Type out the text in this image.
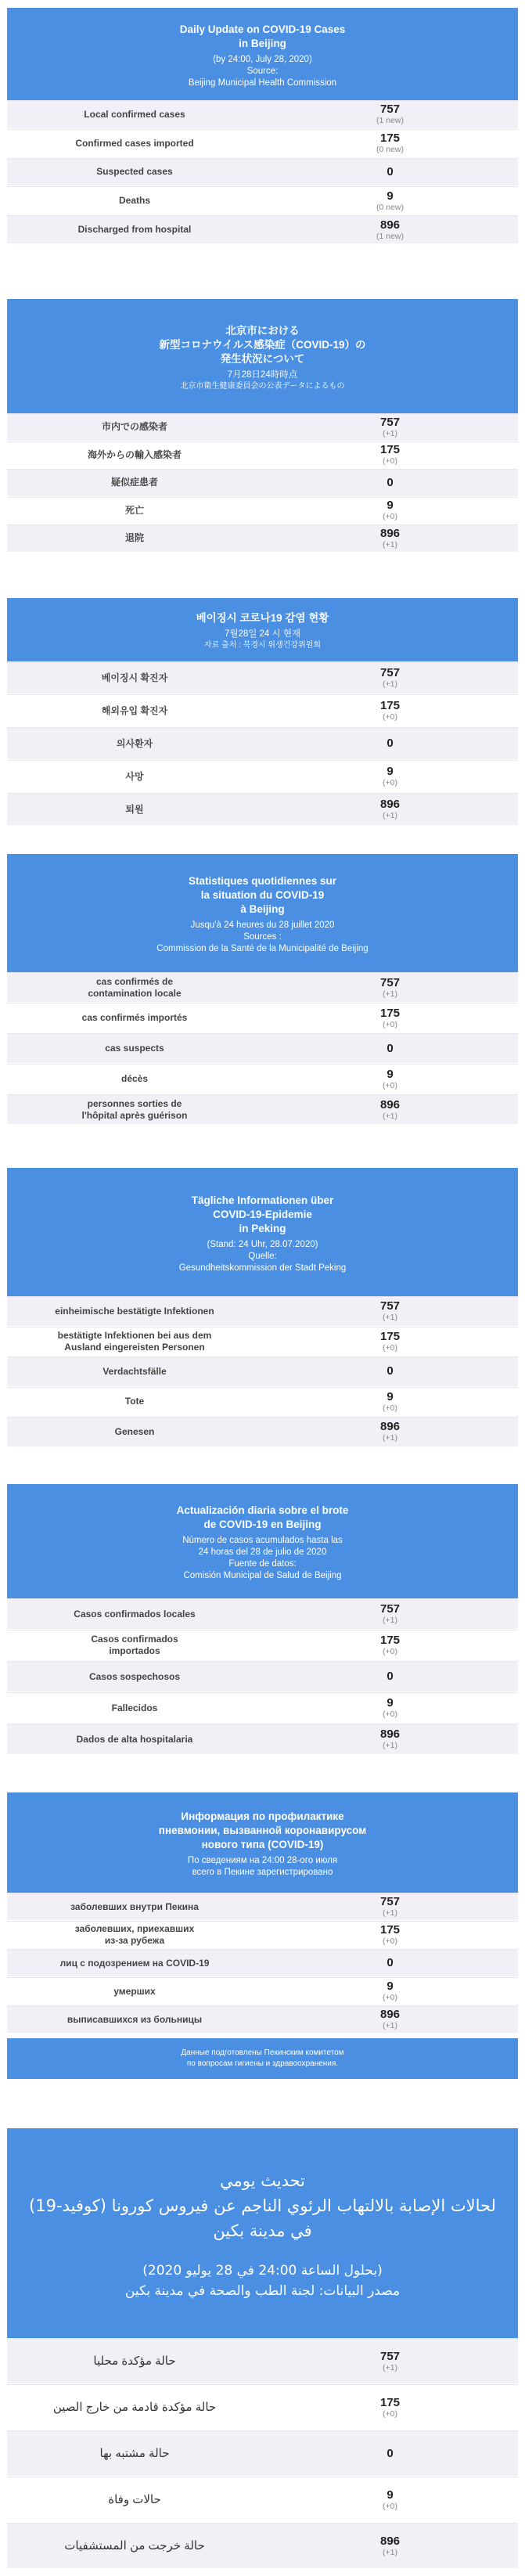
Daily Update on COVID-19 Cases
in Beijing
(by 24:00, July 28, 2020)
Source:
Beijing Municipal Health Commission
Local confirmed cases	757
(1 new)
Confirmed cases imported	175
(0 new)
Suspected cases	0
Deaths	9
(0 new)
Discharged from hospital	896
(1 new)
北京市における
新型コロナウイルス感染症（COVID-19）の
発生状況について
7月28日24時時点
北京市衛生健康委員会の公表データによるもの
市内での感染者	757
(+1)
海外からの輸入感染者	175
(+0)
疑似症患者	0
死亡	9
(+0)
退院	896
(+1)
베이징시 코로나19 감염 현황
7월28일 24 시 현재
자료 출처 : 북경시 위생건강위원회
베이징시 확진자	757
(+1)
해외유입 확진자	175
(+0)
의사환자	0
사망	9
(+0)
퇴원	896
(+1)
Statistiques quotidiennes sur
la situation du COVID-19
à Beijing
Jusqu'à 24 heures du 28 juillet 2020
Sources :
Commission de la Santé de la Municipalité de Beijing
cas confirmés de
contamination locale
757
(+1)
cas confirmés importés	175
(+0)
cas suspects	0
décès	9
(+0)
personnes sorties de
l'hôpital après guérison
896
(+1)
Tägliche Informationen über
COVID-19-Epidemie
in Peking
(Stand: 24 Uhr, 28.07.2020)
Quelle:
Gesundheitskommission der Stadt Peking
einheimische bestätigte Infektionen	757
(+1)
bestätigte Infektionen bei aus dem
Ausland eingereisten Personen
175
(+0)
Verdachtsfälle	0
Tote	9
(+0)
Genesen	896
(+1)
Actualización diaria sobre el brote
de COVID-19 en Beijing
Número de casos acumulados hasta las
24 horas del 28 de julio de 2020
Fuente de datos:
Comisión Municipal de Salud de Beijing
Casos confirmados locales	757
(+1)
Casos confirmados
importados
175
(+0)
Casos sospechosos	0
Fallecidos	9
(+0)
Dados de alta hospitalaria	896
(+1)
Информация по профилактике
пневмонии, вызванной коронавирусом
нового типа (COVID-19)
По сведениям на 24:00 28-ого июля
всего в Пекине зарегистрировано
заболевших внутри Пекина	757
(+1)
заболевших, приехавших
из-за рубежа
175
(+0)
лиц с подозрением на COVID-19	0
умерших	9
(+0)
выписавшихся из больницы	896
(+1)
Данные подготовлены Пекинским комитетом
по вопросам гигиены и здравоохранения.
تحديث يومي
لحالات الإصابة بالالتهاب الرئوي الناجم عن فيروس كورونا (كوفيد-19)
في مدينة بكين
(بحلول الساعة 24:00 في 28 يوليو 2020)
مصدر البيانات: لجنة الطب والصحة في مدينة بكين
حالة مؤكدة محليا	757
(+1)
حالة مؤكدة قادمة من خارج الصين	175
(+0)
حالة مشتبه بها	0
حالات وفاة	9
(+0)
حالة خرجت من المستشفيات	896
(+1)
